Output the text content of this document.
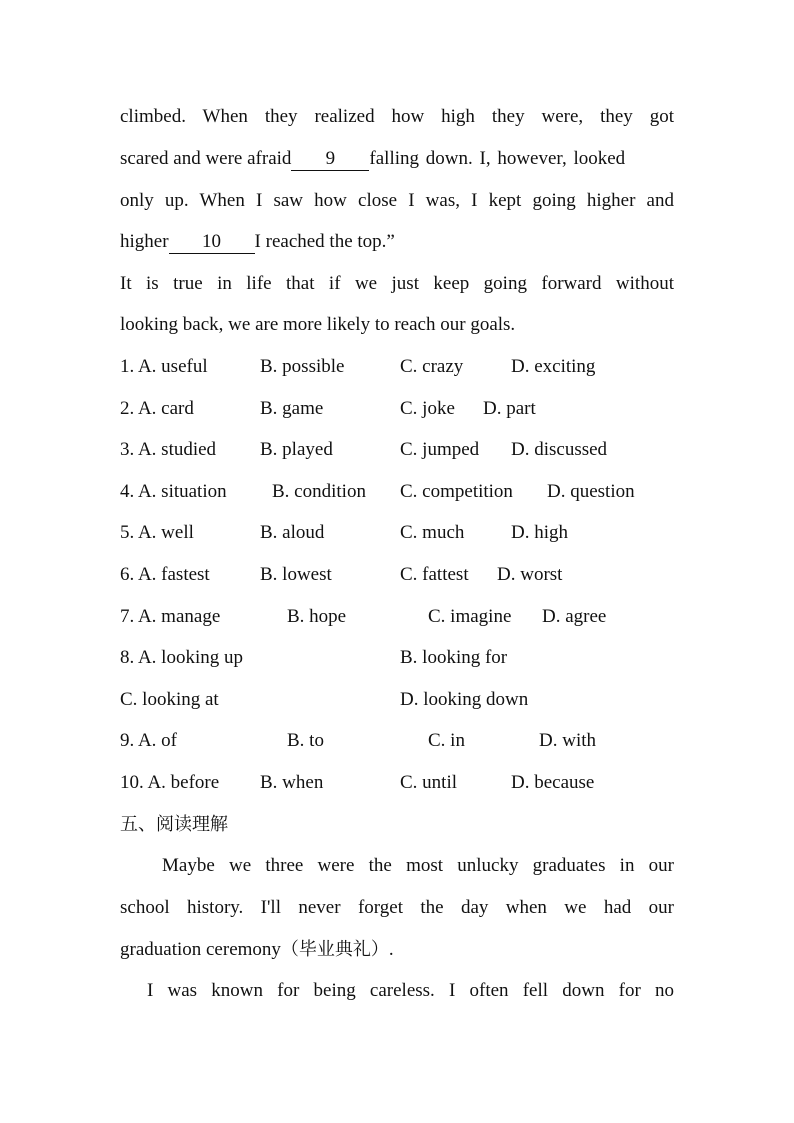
climbed. When they realized how high they were, they got
scared and were afraid 9 falling down. I, however, looked
only up. When I saw how close I was, I kept going higher and
higher 10 I reached the top.”
It is true in life that if we just keep going forward without
looking back, we are more likely to reach our goals.
1. A. useful	B. possible	C. crazy	D. exciting
2. A. card	B. game	C. joke D. part
3. A. studied B. played	C. jumped D. discussed
4. A. situation B. condition C. competition D. question
5. A. well	B. aloud	C. much D. high
6. A. fastest	B. lowest	C. fattest D. worst
7. A. manage	B. hope	C. imagine D. agree
8. A. looking up	B. looking for
C. looking at	D. looking down
9. A. of	B. to	C. in	D. with
10. A. before B. when	C. until	D. because
五、阅读理解
Maybe we three were the most unlucky graduates in our
school history. I'll never forget the day when we had our
graduation ceremony（毕业典礼）.
I was known for being careless. I often fell down for no
